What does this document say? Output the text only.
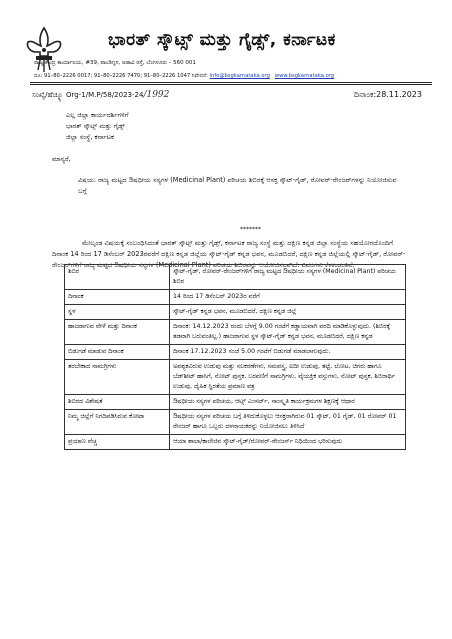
ಭಾರತ್ ಸ್ಕೌಟ್ಸ್ ಮತ್ತು ಗೈಡ್ಸ್, ಕರ್ನಾಟಕ
ರಾಜ್ಯ ಕೇಂದ್ರ ಕಾರ್ಯಾಲಯ, #39, ಪಾಂಡಿಗ್ನಸ, ಅಡಾವಿ ರಸ್ತೆ, ಬೆಂಗಳೂರು – 560 001
ದೂ: 91–80–2226 0017; 91–80–2226 7470; 91–80–2226 1047 ನಿವೇದನೆ: info@bsgkarnataka.org www.bsgkarnataka.org
ಸಂಖ್ಯೆ/ಹೆಚ್ಕ್ಯೂ Org-1/M.P/58/2023-24/1992	ದಿನಾಂಕ:28.11.2023
ಎಲ್ಲ ಜಿಲ್ಲಾ ಕಾರ್ಯದರ್ಶಿಗಳಿಗೆ
ಭಾರತ್ ಸ್ಕೌಟ್ಸ್ ಮತ್ತು ಗೈಡ್ಸ್
ಜಿಲ್ಲಾ ಸಂಸ್ಥೆ, ಕರ್ನಾಟಕ
ಮಾನ್ಯರೆ,
ವಿಷಯ: ರಾಜ್ಯ ಮಟ್ಟದ ಔಷಧೀಯ ಸಸ್ಯಗಳ (Medicinal Plant) ಪರಿಚಯ ಶಿಬಿರಕ್ಕೆ ಆಸಕ್ತ ಸ್ಕೌಟ್-ಗೈಡ್, ರೋವರ್-ರೇಂಜರ್‌ಗಳನ್ನು ನಿಯೋಜಿಸುವ ಬಗ್ಗೆ
*******
ಮೇಲ್ಕಂಡ ವಿಷಯಕ್ಕೆ ಸಂಬಂಧಿಸಿದಂತೆ ಭಾರತ್ ಸ್ಕೌಟ್ಸ್ ಮತ್ತು ಗೈಡ್ಸ್, ಕರ್ನಾಟಕ ರಾಜ್ಯ ಸಂಸ್ಥೆ ಮತ್ತು ದಕ್ಷಿಣ ಕನ್ನಡ ಜಿಲ್ಲಾ ಸಂಸ್ಥೆಯ ಸಹಯೋಗದೊಂದಿಗೆ ದಿನಾಂಕ 14 ರಿಂದ 17 ಡಿಸೆಂಬರ್ 2023ರವರೆಗೆ ದಕ್ಷಿಣ ಕನ್ನಡ ಜಿಲ್ಲೆಯ ಸ್ಕೌಟ್-ಗೈಡ್ ಕನ್ನಡ ಭವನ, ಮೂಡಬಿದರೆ, ದಕ್ಷಿಣ ಕನ್ನಡ ಜಿಲ್ಲೆಯಲ್ಲಿ ಸ್ಕೌಟ್-ಗೈಡ್, ರೋವರ್-ರೇಂಜರ್‌ಗಳಿಗೆ ರಾಜ್ಯ ಮಟ್ಟದ ಔಷಧೀಯ ಸಸ್ಯಗಳ (Medicinal Plant) ಪರಿಚಯ ಶಿಬಿರವನ್ನು ಆಯೋಜಿಸಲಾಗಿದೆ. ವಿವರಗಳು ಕೆಳಕಂಡಂತಿವೆ.
ಶಿಬಿರ	ಸ್ಕೌಟ್-ಗೈಡ್, ರೋವರ್-ರೇಂಜರ್‌ಗಳಿಗೆ ರಾಜ್ಯ ಮಟ್ಟದ ಔಷಧೀಯ ಸಸ್ಯಗಳ (Medicinal Plant) ಪರಿಚಯ ಶಿಬಿರ
ದಿನಾಂಕ	14 ರಿಂದ 17 ಡಿಸೆಂಬರ್ 2023ರ ವರೆಗೆ
ಸ್ಥಳ	ಸ್ಕೌಟ್-ಗೈಡ್ ಕನ್ನಡ ಭವನ, ಮೂಡಬಿದರೆ, ದಕ್ಷಿಣ ಕನ್ನಡ ಜಿಲ್ಲೆ
ಹಾಜರಾಗುವ ವೇಳೆ ಮತ್ತು ದಿನಾಂಕ	ದಿನಾಂಕ: 14.12.2023 ರಂದು ಬೆಳಗ್ಗೆ 9.00 ಗಂಟೆಗೆ ಕಡ್ಡಾಯವಾಗಿ ವರದಿ ಮಾಡಿಕೊಳ್ಳುವುದು. (ಶಿಬಿರಕ್ಕೆ ತಡವಾಗಿ ಬರುವಂತಿಲ್ಲ.) ಹಾಜರಾಗುವ ಸ್ಥಳ ಸ್ಕೌಟ್-ಗೈಡ್ ಕನ್ನಡ ಭವನ, ಮೂಡಬಿದರೆ, ದಕ್ಷಿಣ ಕನ್ನಡ
ಬಿಡುಗಡೆ ಮಾಡುವ ದಿನಾಂಕ	ದಿನಾಂಕ 17.12.2023 ಸಂಜೆ 5.00 ಗಂಟೆಗೆ ಬಿಡುಗಡೆ ಮಾಡಲಾಗುವುದು.
ತರಬೇಕಾದ ಸಾಮಗ್ರಿಗಳು	ಅವಶ್ಯಕವಿರುವ ಉಡುಪು ಮತ್ತು ಸಲಕರಣೆಗಳು, ಸಮವಸ್ತ್ರ, ಐದೀ ಉಡುಪು, ತಟ್ಟೆ, ಲೋಟ, ಚಿಗರು ಹಾಗೂ ಬೆಡ್‌ಶೀಟ್ ಹಾಸಿಗೆ, ನೋಟ್ ಪುಸ್ತಕ, ಬರವಣಿಗೆ ಸಾಮಗ್ರಿಗಳು, ವೈಯಕ್ತಿಕ ವಸ್ತುಗಳು, ನೋಟ್ ಪುಸ್ತಕ, ಶಿಬಿರಾರ್ಥಿ ಉಡುಪು, ದೈಹಿಕ ಸ್ಥಿರತೆಯ ಪ್ರಮಾಣ ಪತ್ರ
ಶಿಬಿರದ ವಿಶೇಷತೆ	ಔಷಧೀಯ ಸಸ್ಯಗಳ ಪರಿಚಯ, ಆಟ್ಸ್ ಎಂಸರ್ಟ್, ಸಾಂಸ್ಕೃತಿ ಕಾರ್ಯಕ್ರಮಗಳ ಶಿಕ್ಷಣಕ್ಕೆ ಆಧಾರ
ನಿಮ್ಮ ಜಿಲ್ಲೆಗೆ ನಿಗದಿಪಡಿಸಿರುವ ಕೋಟಾ	ಔಷಧೀಯ ಸಸ್ಯಗಳ ಪರಿಚಯ ಬಗ್ಗೆ ತಿಳಿದುಕೊಳ್ಳಲು ಆಸಕ್ತರಾಗಿರುವ 01 ಸ್ಕೌಟ್, 01 ಗೈಡ್, 01 ರೋವರ್ 01 ರೇಂಜರ್ ಹಾಗೂ ಒಬ್ಬರು ದಳನಾಯಕರನ್ನು ನಿಯೋಜಿಸಲು ತಿಳಿಸಿದೆ
ಪ್ರಯಾಣ ವೆಚ್ಚ	ಆಯಾ ಶಾಲಾ/ಕಾಲೇಜಿನ ಸ್ಕೌಟ್-ಗೈಡ್/ರೋವರ್-ರೇಂಜರ್ಸ್ ನಿಧಿಯಿಂದ ಭರಿಸುವುದು
